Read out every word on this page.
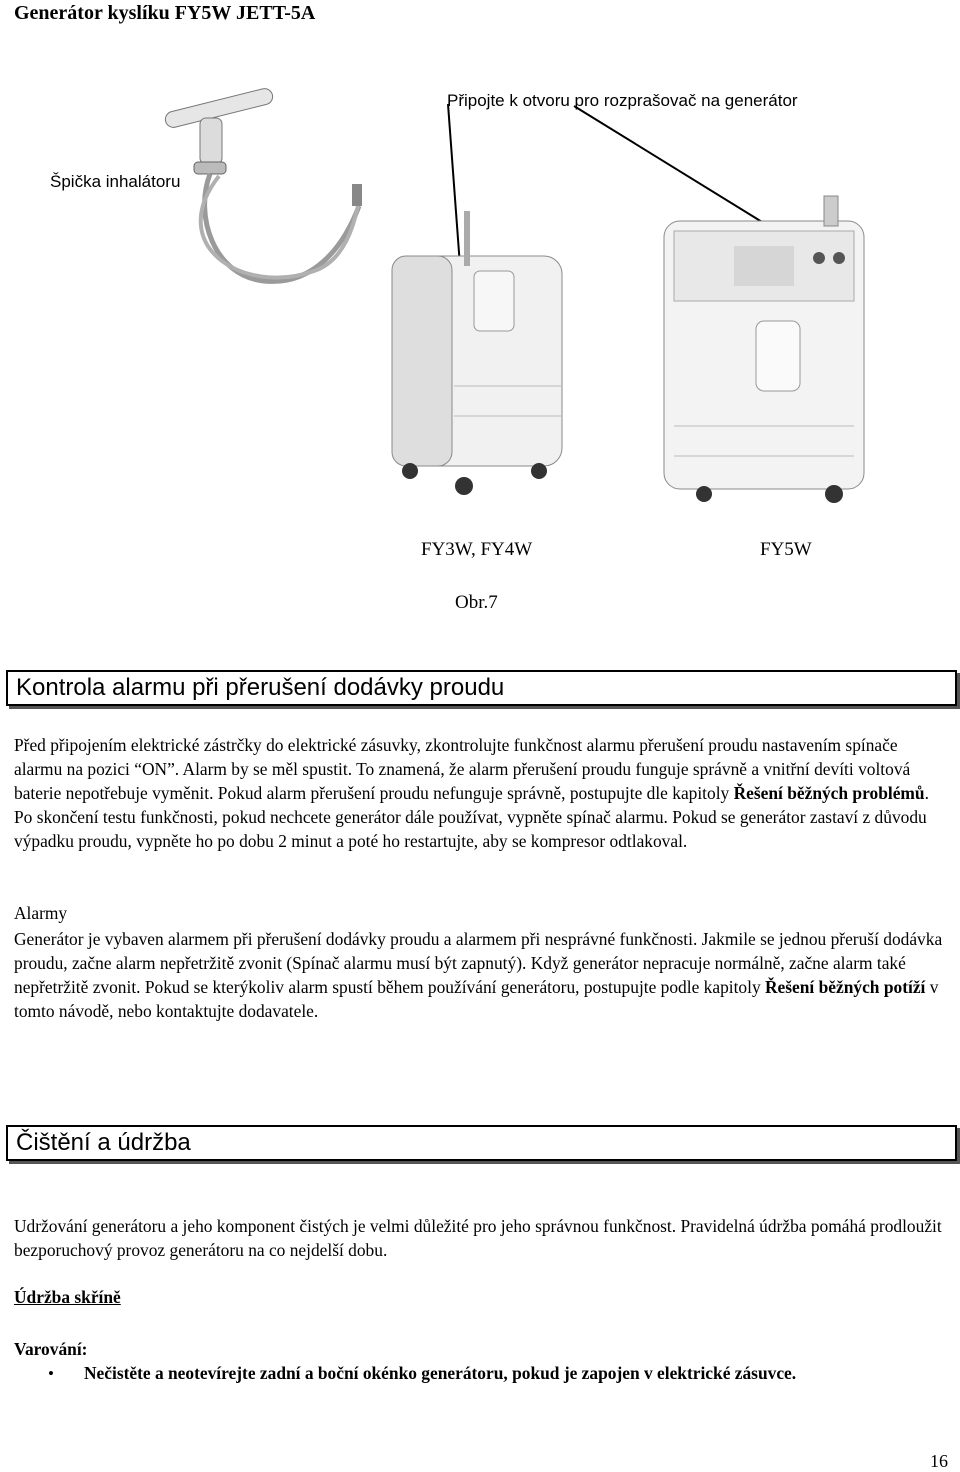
Generátor kyslíku FY5W JETT-5A
Připojte k otvoru pro rozprašovač na generátor
Špička inhalátoru
FY3W, FY4W	FY5W
Obr.7
Kontrola alarmu při přerušení dodávky proudu
Před připojením elektrické zástrčky do elektrické zásuvky, zkontrolujte funkčnost alarmu přerušení proudu nastavením spínače alarmu na pozici “ON”. Alarm by se měl spustit. To znamená, že alarm přerušení proudu funguje správně a vnitřní devíti voltová baterie nepotřebuje vyměnit. Pokud alarm přerušení proudu nefunguje správně, postupujte dle kapitoly Řešení běžných problémů. Po skončení testu funkčnosti, pokud nechcete generátor dále používat, vypněte spínač alarmu. Pokud se generátor zastaví z důvodu výpadku proudu, vypněte ho po dobu 2 minut a poté ho restartujte, aby se kompresor odtlakoval.
Alarmy
Generátor je vybaven alarmem při přerušení dodávky proudu a alarmem při nesprávné funkčnosti. Jakmile se jednou přeruší dodávka proudu, začne alarm nepřetržitě zvonit (Spínač alarmu musí být zapnutý). Když generátor nepracuje normálně, začne alarm také nepřetržitě zvonit. Pokud se kterýkoliv alarm spustí během používání generátoru, postupujte podle kapitoly Řešení běžných potíží v tomto návodě, nebo kontaktujte dodavatele.
Čištění a údržba
Udržování generátoru a jeho komponent čistých je velmi důležité pro jeho správnou funkčnost. Pravidelná údržba pomáhá prodloužit bezporuchový provoz generátoru na co nejdelší dobu.
Údržba skříně
Varování:
• Nečistěte a neotevírejte zadní a boční okénko generátoru, pokud je zapojen v elektrické zásuvce.
16
